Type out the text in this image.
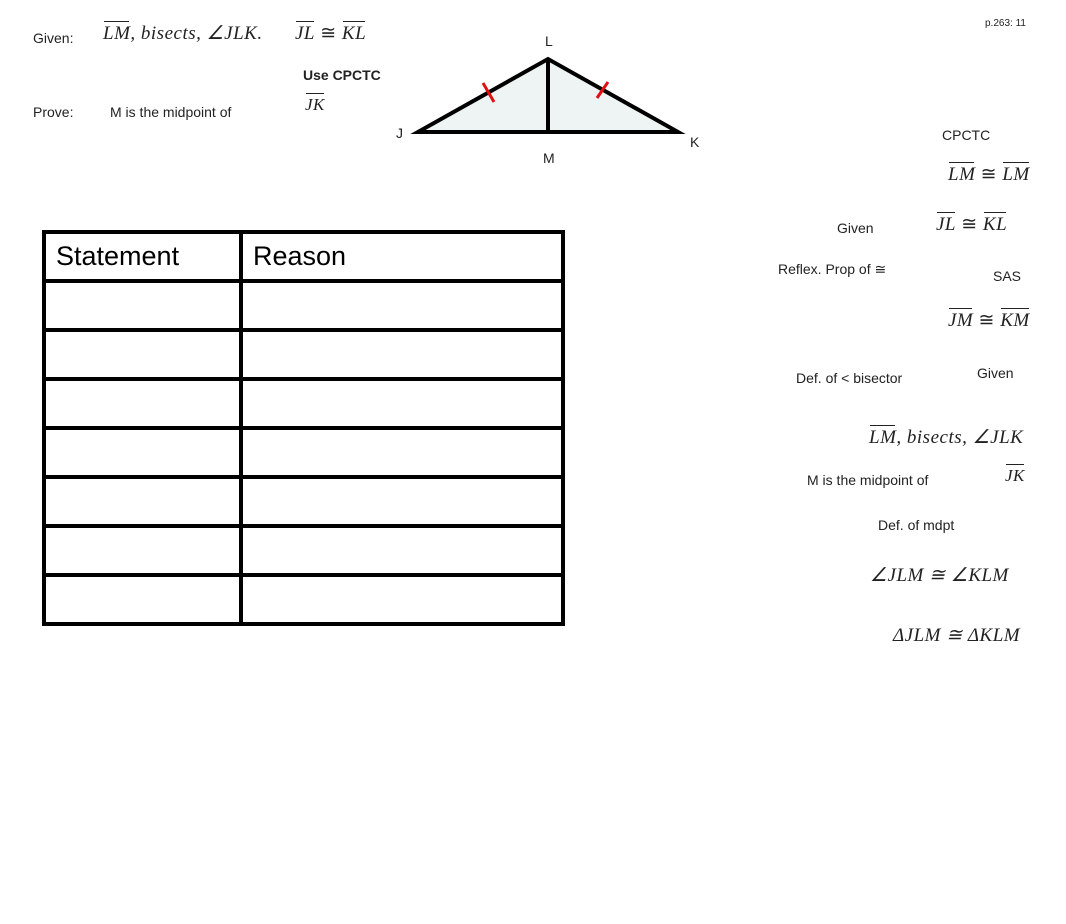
p.263: 11
Given: LM, bisects, ∠JLK. JL ≅ KL
Use CPCTC
Prove:	M is the midpoint of	JK
L
J
K
M
Statement	Reason

CPCTC
LM ≅ LM
Given	JL ≅ KL
Reflex. Prop of ≅	SAS
JM ≅ KM
Given
Def. of < bisector
LM, bisects, ∠JLK
M is the midpoint of	JK
Def. of mdpt
∠JLM ≅ ∠KLM
ΔJLM ≅ ΔKLM
